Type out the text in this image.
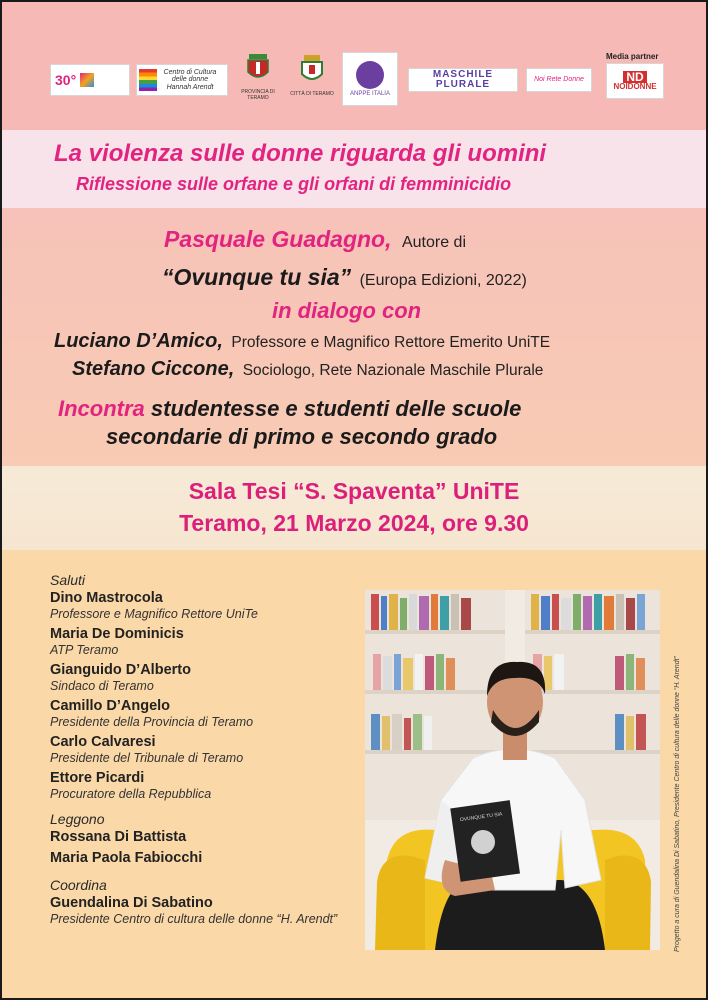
Media partner
30°	Centro di Cultura delle donne Hannah Arendt
PROVINCIA DI TERAMO
CITTÀ DI TERAMO	ANPPE ITALIA
MASCHILE PLURALE	Noi Rete Donne	ND
NOIDONNE
La violenza sulle donne riguarda gli uomini
Riflessione sulle orfane e gli orfani di femminicidio
Pasquale Guadagno, Autore di
“Ovunque tu sia” (Europa Edizioni, 2022)
in dialogo con
Luciano D’Amico, Professore e Magnifico Rettore Emerito UniTE
Stefano Ciccone, Sociologo, Rete Nazionale Maschile Plurale
Incontra studentesse e studenti delle scuole
secondarie di primo e secondo grado
Sala Tesi “S. Spaventa” UniTE
Teramo, 21 Marzo 2024, ore 9.30
Saluti
Dino Mastrocola
Professore e Magnifico Rettore UniTe
Maria De Dominicis
ATP Teramo
Gianguido D’Alberto
Sindaco di Teramo
Camillo D’Angelo
Presidente della Provincia di Teramo
Carlo Calvaresi
Presidente del Tribunale di Teramo
Ettore Picardi
Procuratore della Repubblica
Leggono
Rossana Di Battista
Maria Paola Fabiocchi
Coordina
Guendalina Di Sabatino
Presidente Centro di cultura delle donne “H. Arendt”
OVUNQUE TU SIA	Progetto a cura di Guendalina Di Sabatino, Presidente Centro di cultura delle donne “H. Arendt”
